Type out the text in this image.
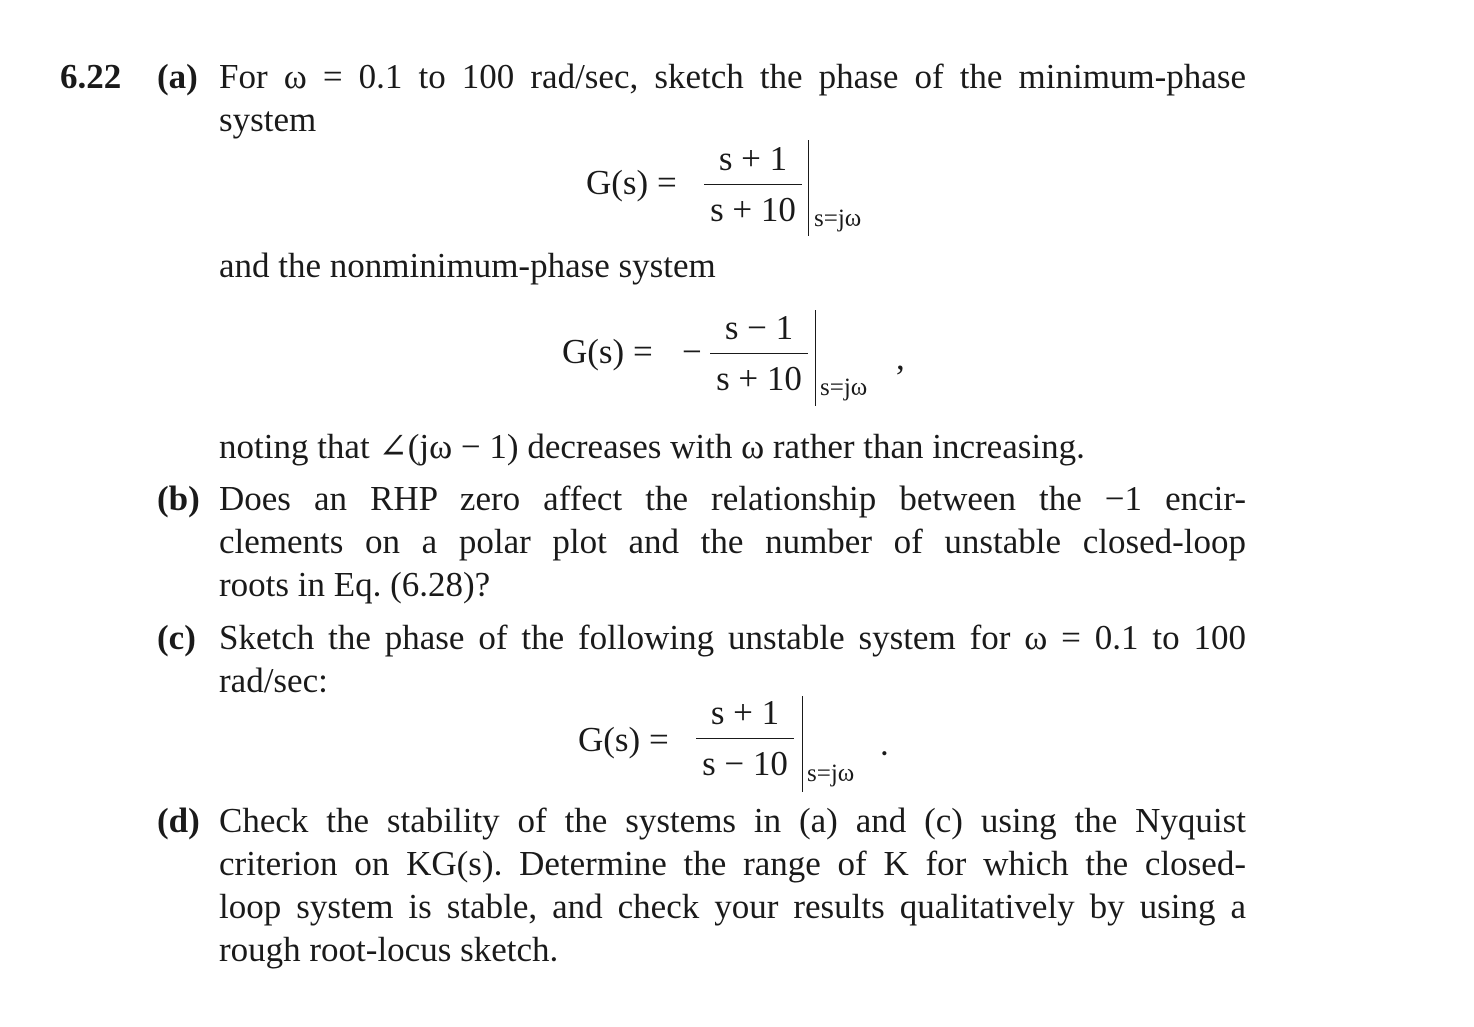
6.22 (a) For ω = 0.1 to 100 rad/sec, sketch the phase of the minimum-phase
system
G(s) =
s + 1
s + 10 s=jω
and the nonminimum-phase system
G(s) = −
s − 1
s + 10 s=jω
,
noting that ∠(jω − 1) decreases with ω rather than increasing.
(b) Does an RHP zero affect the relationship between the −1 encir-
clements on a polar plot and the number of unstable closed-loop
roots in Eq. (6.28)?
(c) Sketch the phase of the following unstable system for ω = 0.1 to 100
rad/sec:
G(s) =
s + 1
s − 10 s=jω
.
(d) Check the stability of the systems in (a) and (c) using the Nyquist
criterion on KG(s). Determine the range of K for which the closed-
loop system is stable, and check your results qualitatively by using a
rough root-locus sketch.
